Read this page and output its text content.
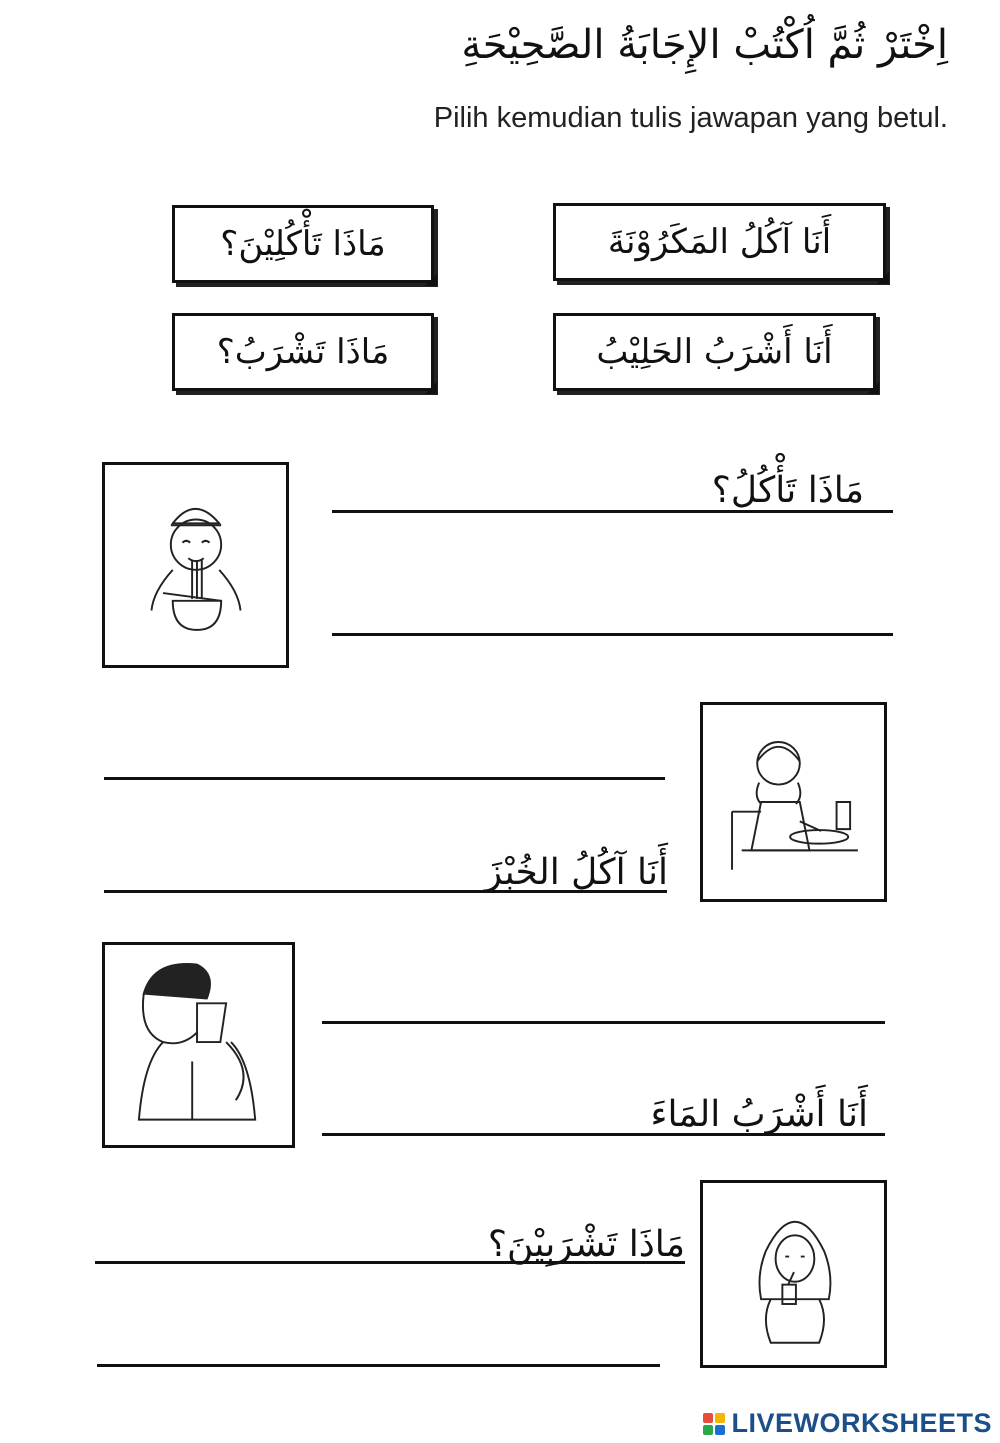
اِخْتَرْ ثُمَّ اُكْتُبْ الإِجَابَةُ الصَّحِيْحَةِ
Pilih kemudian tulis jawapan yang betul.
مَاذَا تَأْكُلِيْنَ؟	أَنَا آكُلُ المَكَرُوْنَةَ
مَاذَا تَشْرَبُ؟	أَنَا أَشْرَبُ الحَلِيْبُ
مَاذَا تَأْكُلُ؟
أَنَا آكُلُ الخُبْزَ
أَنَا أَشْرَبُ المَاءَ
مَاذَا تَشْرَبِيْنَ؟
LIVEWORKSHEETS
